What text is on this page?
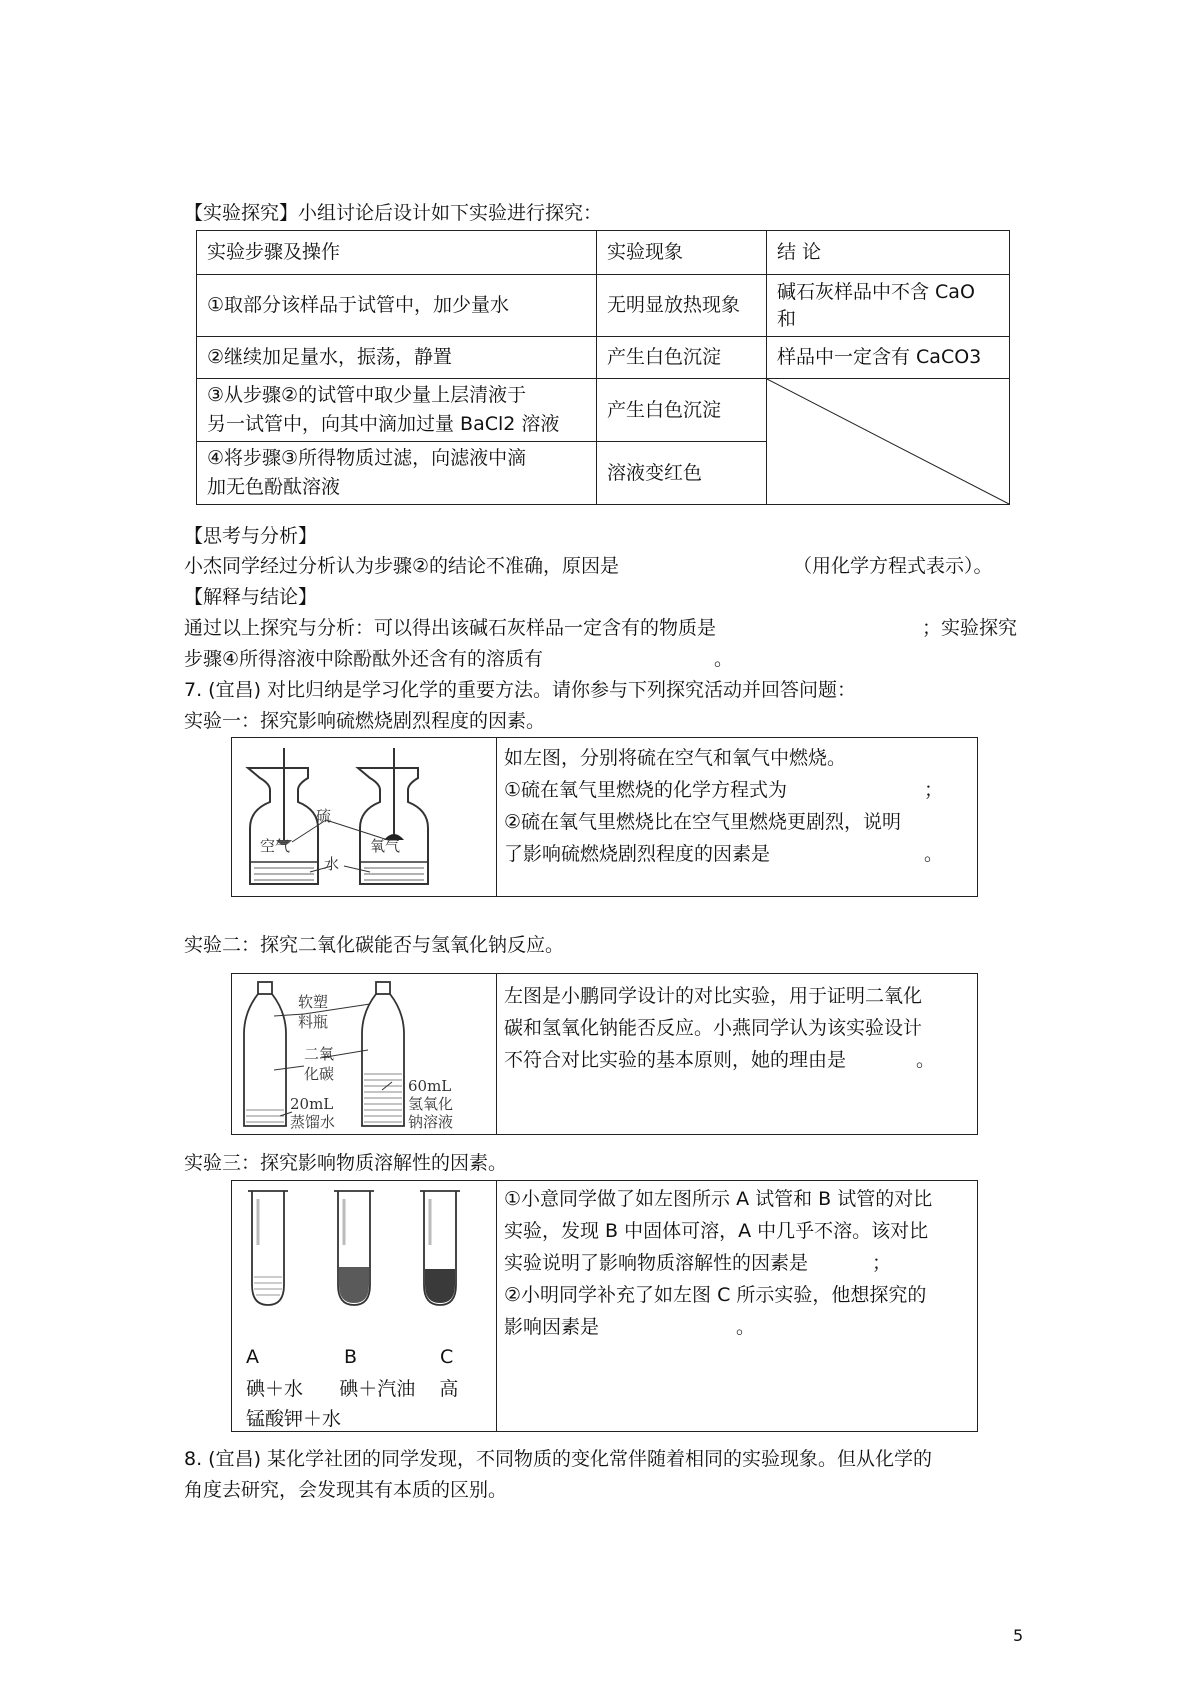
【实验探究】小组讨论后设计如下实验进行探究：
实验步骤及操作	实验现象	结 论
①取部分该样品于试管中，加少量水	无明显放热现象	碱石灰样品中不含 CaO
和

②继续加足量水，振荡，静置	产生白色沉淀	样品中一定含有 CaCO3

③从步骤②的试管中取少量上层清液于
另一试管中，向其中滴加过量 BaCl2 溶液	产生白色沉淀	

④将步骤③所得物质过滤，向滤液中滴
加无色酚酞溶液	溶液变红色	
【思考与分析】
小杰同学经过分析认为步骤②的结论不准确，原因是	（用化学方程式表示）。
【解释与结论】
通过以上探究与分析：可以得出该碱石灰样品一定含有的物质是	；实验探究
步骤④所得溶液中除酚酞外还含有的溶质有	。
7. (宜昌) 对比归纳是学习化学的重要方法。请你参与下列探究活动并回答问题：
实验一：探究影响硫燃烧剧烈程度的因素。
硫
空气	氧气
水
如左图，分别将硫在空气和氧气中燃烧。
①硫在氧气里燃烧的化学方程式为	；
②硫在氧气里燃烧比在空气里燃烧更剧烈，说明
了影响硫燃烧剧烈程度的因素是	。
实验二：探究二氧化碳能否与氢氧化钠反应。
软塑
料瓶
二氧
化碳
20mL
蒸馏水
60mL
氢氧化
钠溶液
左图是小鹏同学设计的对比实验，用于证明二氧化
碳和氢氧化钠能否反应。小燕同学认为该实验设计
不符合对比实验的基本原则，她的理由是	。
实验三：探究影响物质溶解性的因素。
A	B	C
碘＋水      碘＋汽油    高
锰酸钾＋水
①小意同学做了如左图所示 A 试管和 B 试管的对比
实验，发现 B 中固体可溶，A 中几乎不溶。该对比
实验说明了影响物质溶解性的因素是	；
②小明同学补充了如左图 C 所示实验，他想探究的
影响因素是	。
8. (宜昌) 某化学社团的同学发现，不同物质的变化常伴随着相同的实验现象。但从化学的
角度去研究，会发现其有本质的区别。
5
